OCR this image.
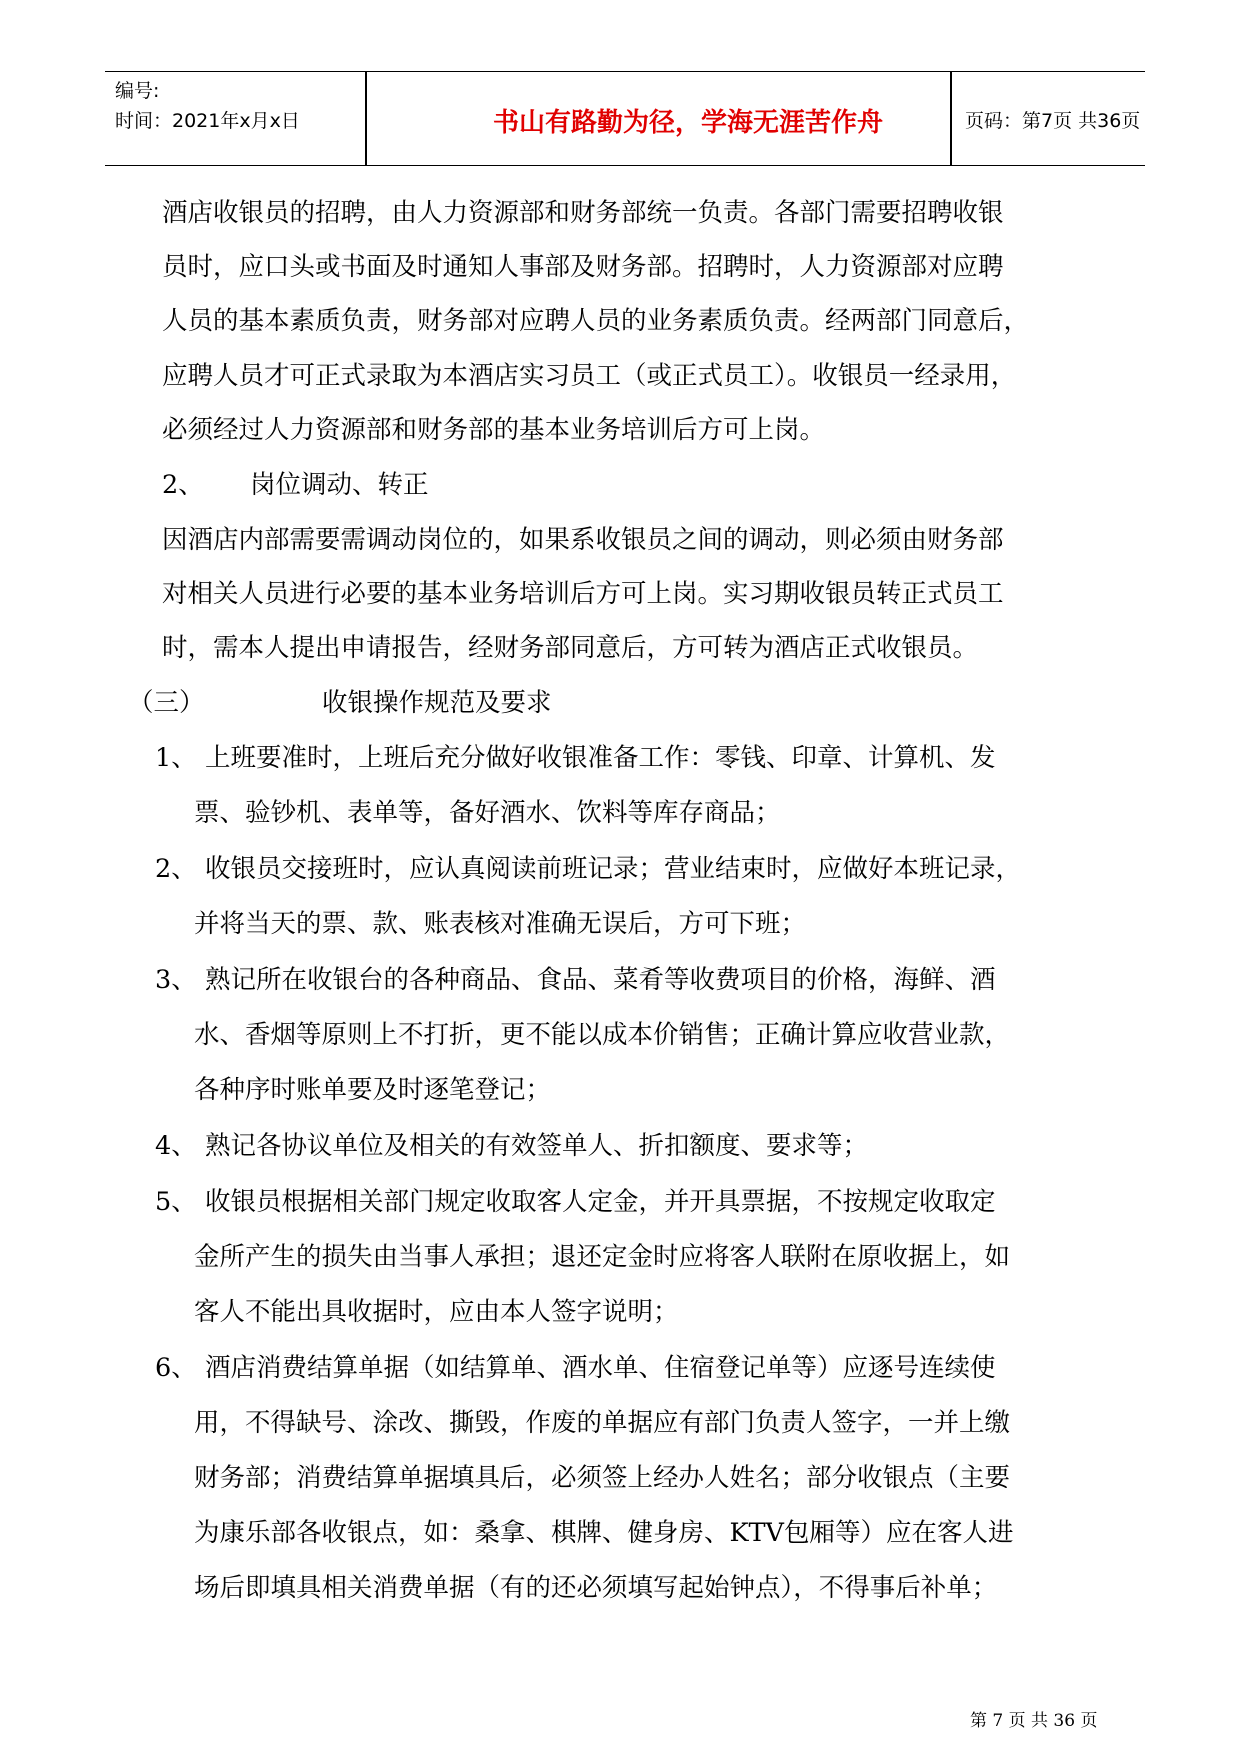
编号:
时间：2021年x月x日	书山有路勤为径，学海无涯苦作舟	页码：第7页 共36页
酒店收银员的招聘，由人力资源部和财务部统一负责。各部门需要招聘收银
员时，应口头或书面及时通知人事部及财务部。招聘时，人力资源部对应聘
人员的基本素质负责，财务部对应聘人员的业务素质负责。经两部门同意后，
应聘人员才可正式录取为本酒店实习员工（或正式员工）。收银员一经录用，
必须经过人力资源部和财务部的基本业务培训后方可上岗。
2、 岗位调动、转正
因酒店内部需要需调动岗位的，如果系收银员之间的调动，则必须由财务部
对相关人员进行必要的基本业务培训后方可上岗。实习期收银员转正式员工
时，需本人提出申请报告，经财务部同意后，方可转为酒店正式收银员。
（三）	收银操作规范及要求
1、 上班要准时，上班后充分做好收银准备工作：零钱、印章、计算机、发
票、验钞机、表单等，备好酒水、饮料等库存商品；
2、 收银员交接班时，应认真阅读前班记录；营业结束时，应做好本班记录，
并将当天的票、款、账表核对准确无误后，方可下班；
3、 熟记所在收银台的各种商品、食品、菜肴等收费项目的价格，海鲜、酒
水、香烟等原则上不打折，更不能以成本价销售；正确计算应收营业款，
各种序时账单要及时逐笔登记；
4、 熟记各协议单位及相关的有效签单人、折扣额度、要求等；
5、 收银员根据相关部门规定收取客人定金，并开具票据，不按规定收取定
金所产生的损失由当事人承担；退还定金时应将客人联附在原收据上，如
客人不能出具收据时，应由本人签字说明；
6、 酒店消费结算单据（如结算单、酒水单、住宿登记单等）应逐号连续使
用，不得缺号、涂改、撕毁，作废的单据应有部门负责人签字，一并上缴
财务部；消费结算单据填具后，必须签上经办人姓名；部分收银点（主要
为康乐部各收银点，如：桑拿、棋牌、健身房、KTV包厢等）应在客人进
场后即填具相关消费单据（有的还必须填写起始钟点），不得事后补单；
第 7 页 共 36 页
